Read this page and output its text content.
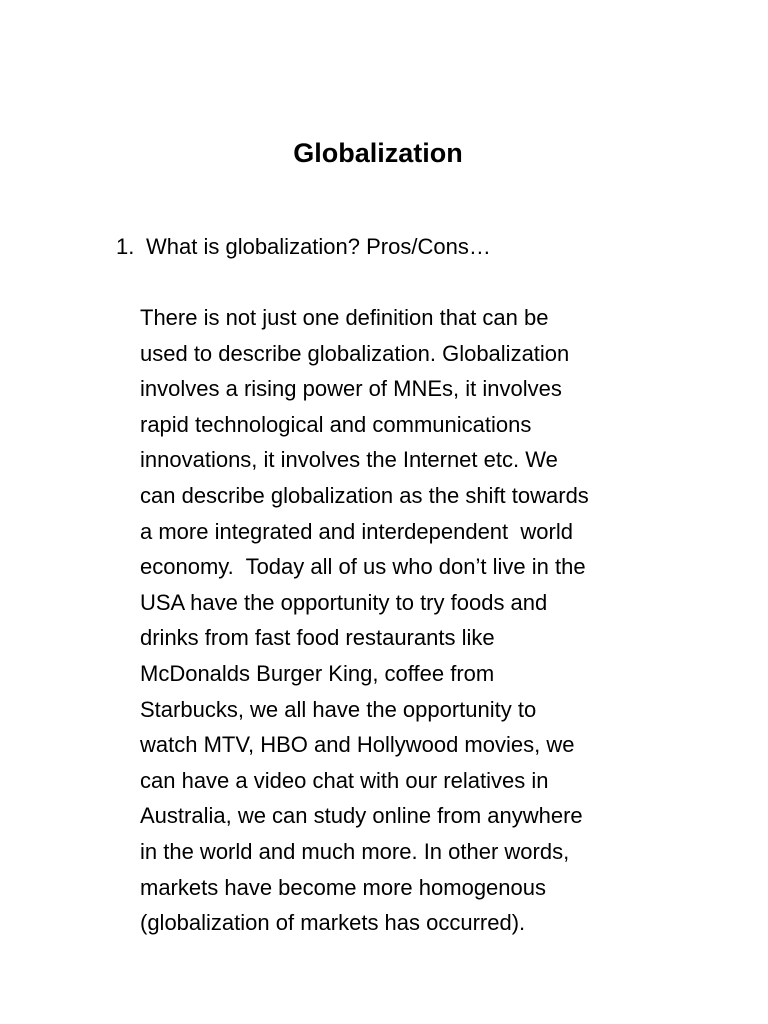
Globalization
1. What is globalization? Pros/Cons…
There is not just one definition that can be
used to describe globalization. Globalization
involves a rising power of MNEs, it involves
rapid technological and communications
innovations, it involves the Internet etc. We
can describe globalization as the shift towards
a more integrated and interdependent  world
economy.  Today all of us who don’t live in the
USA have the opportunity to try foods and
drinks from fast food restaurants like
McDonalds Burger King, coffee from
Starbucks, we all have the opportunity to
watch MTV, HBO and Hollywood movies, we
can have a video chat with our relatives in
Australia, we can study online from anywhere
in the world and much more. In other words,
markets have become more homogenous
(globalization of markets has occurred).
